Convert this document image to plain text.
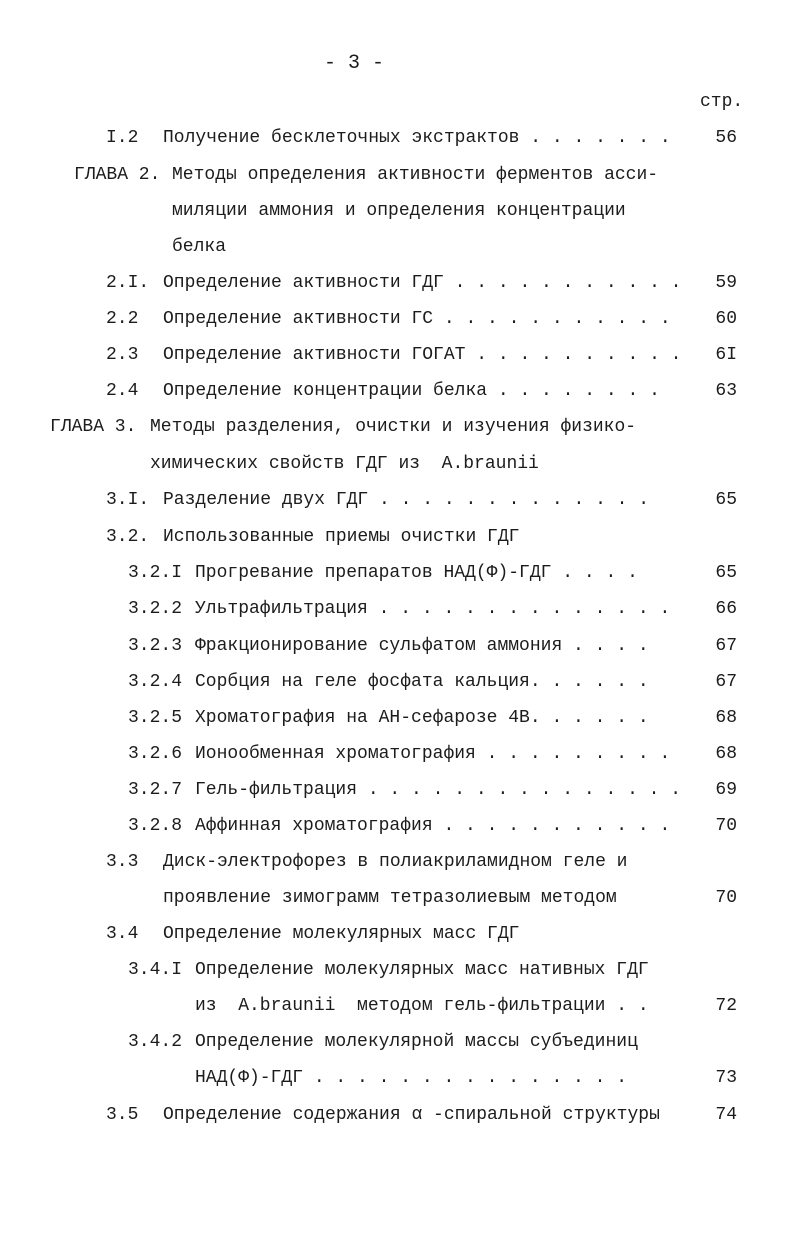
- 3 -
стр.
I.2 Получение бесклеточных экстрактов . . . . . . .	56
ГЛАВА 2. Методы определения активности ферментов асси-
миляции аммония и определения концентрации
белка
2.I. Определение активности ГДГ . . . . . . . . . . .	59
2.2 Определение активности ГС . . . . . . . . . . .	60
2.3 Определение активности ГОГАТ . . . . . . . . . .	6I
2.4 Определение концентрации белка . . . . . . . .	63
ГЛАВА 3. Методы разделения, очистки и изучения физико-
химических свойств ГДГ из  A.braunii
3.I. Разделение двух ГДГ . . . . . . . . . . . . .	65
3.2. Использованные приемы очистки ГДГ
3.2.I Прогревание препаратов НАД(Ф)-ГДГ . . . .	65
3.2.2 Ультрафильтрация . . . . . . . . . . . . . .	66
3.2.3 Фракционирование сульфатом аммония . . . .	67
3.2.4 Сорбция на геле фосфата кальция. . . . . .	67
3.2.5 Хроматография на АН-сефарозе 4В. . . . . .	68
3.2.6 Ионообменная хроматография . . . . . . . . .	68
3.2.7 Гель-фильтрация . . . . . . . . . . . . . . .	69
3.2.8 Аффинная хроматография . . . . . . . . . . .	70
3.3 Диск-электрофорез в полиакриламидном геле и
проявление зимограмм тетразолиевым методом	70
3.4 Определение молекулярных масс ГДГ
3.4.I Определение молекулярных масс нативных ГДГ
из  A.braunii  методом гель-фильтрации . .	72
3.4.2 Определение молекулярной массы субъединиц
НАД(Ф)-ГДГ . . . . . . . . . . . . . . .	73
3.5 Определение содержания α -спиральной структуры	74
